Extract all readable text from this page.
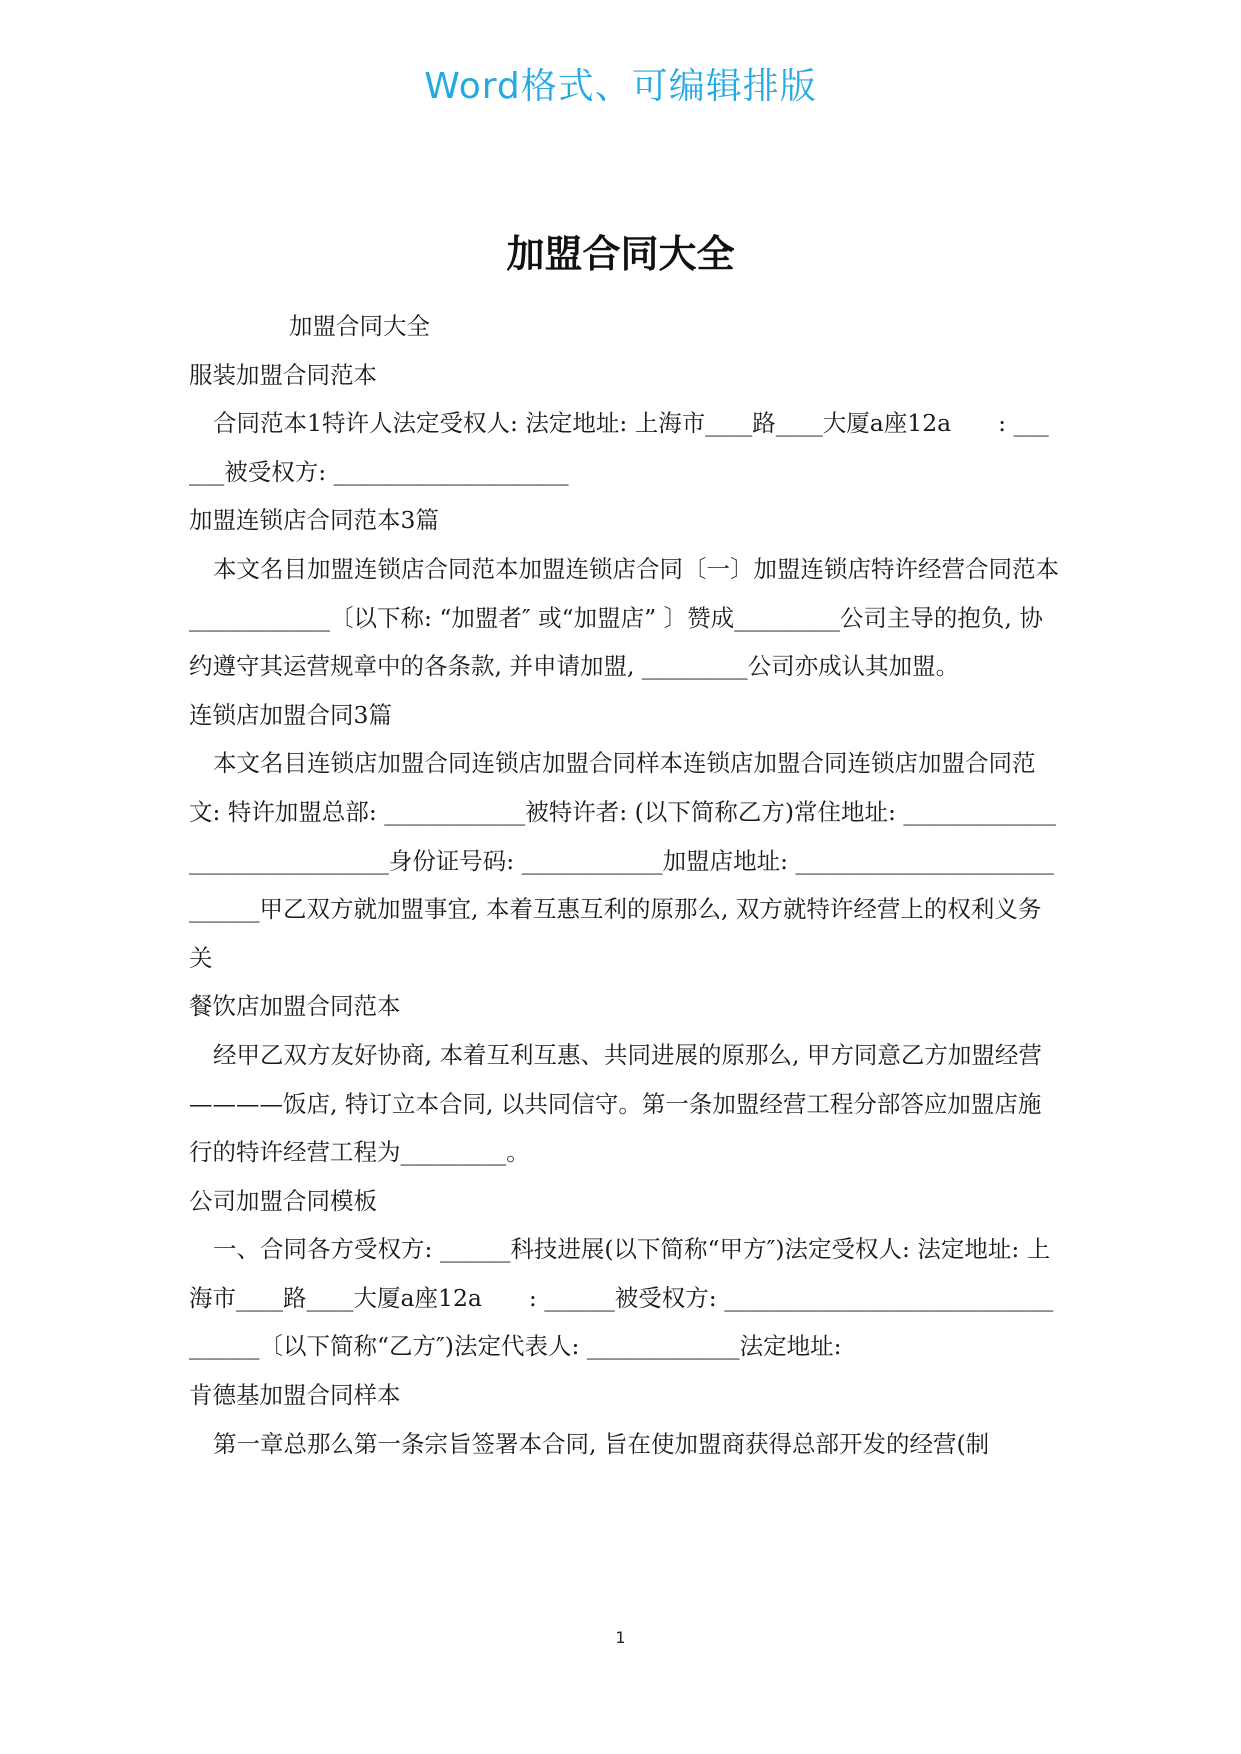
Word格式、可编辑排版
加盟合同大全

加盟合同大全

服装加盟合同范本

合同范本1特许人法定受权人: 法定地址: 上海市____路____大厦a座12a　　: ______被受权方: ____________________

加盟连锁店合同范本3篇

本文名目加盟连锁店合同范本加盟连锁店合同〔一〕加盟连锁店特许经营合同范本____________〔以下称: “加盟者″ 或“加盟店” 〕赞成_________公司主导的抱负, 协约遵守其运营规章中的各条款, 并申请加盟, _________公司亦成认其加盟。

连锁店加盟合同3篇

本文名目连锁店加盟合同连锁店加盟合同样本连锁店加盟合同连锁店加盟合同范文: 特许加盟总部: ____________被特许者: (以下简称乙方)常住地址: ______________________________身份证号码: ____________加盟店地址: ____________________________甲乙双方就加盟事宜, 本着互惠互利的原那么, 双方就特许经营上的权利义务关

餐饮店加盟合同范本

经甲乙双方友好协商, 本着互利互惠、共同进展的原那么, 甲方同意乙方加盟经营————饭店, 特订立本合同, 以共同信守。第一条加盟经营工程分部答应加盟店施行的特许经营工程为_________。

公司加盟合同模板

一、合同各方受权方: ______科技进展(以下简称“甲方″)法定受权人: 法定地址: 上海市____路____大厦a座12a　　: ______被受权方: __________________________________〔以下简称“乙方″)法定代表人: _____________法定地址:

肯德基加盟合同样本

第一章总那么第一条宗旨签署本合同, 旨在使加盟商获得总部开发的经营(制

1
